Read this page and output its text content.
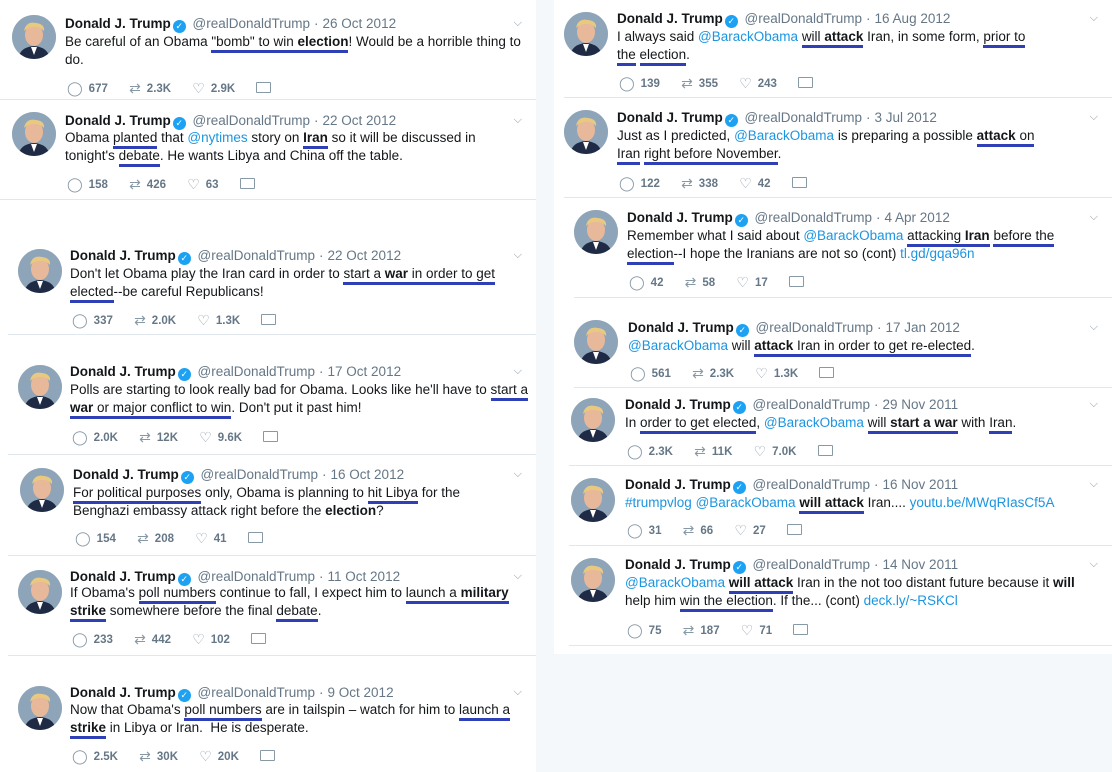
Donald J. Trump ✓ @realDonaldTrump · 26 Oct 2012	⌵
Be careful of an Obama "bomb" to win election! Would be a horrible thing to do.
◯ 677 ⇄ 2.3K ♡ 2.9K
Donald J. Trump ✓ @realDonaldTrump · 22 Oct 2012	⌵
Obama planted that @nytimes story on Iran so it will be discussed in tonight's debate. He wants Libya and China off the table.
◯ 158 ⇄ 426 ♡ 63
Donald J. Trump ✓ @realDonaldTrump · 22 Oct 2012	⌵
Don't let Obama play the Iran card in order to start a war in order to get elected--be careful Republicans!
◯ 337 ⇄ 2.0K ♡ 1.3K
Donald J. Trump ✓ @realDonaldTrump · 17 Oct 2012	⌵
Polls are starting to look really bad for Obama. Looks like he'll have to start a war or major conflict to win. Don't put it past him!
◯ 2.0K ⇄ 12K ♡ 9.6K
Donald J. Trump ✓ @realDonaldTrump · 16 Oct 2012	⌵
For political purposes only, Obama is planning to hit Libya for the Benghazi embassy attack right before the election?
◯ 154 ⇄ 208 ♡ 41
Donald J. Trump ✓ @realDonaldTrump · 11 Oct 2012	⌵
If Obama's poll numbers continue to fall, I expect him to launch a military strike somewhere before the final debate.
◯ 233 ⇄ 442 ♡ 102
Donald J. Trump ✓ @realDonaldTrump · 9 Oct 2012	⌵
Now that Obama's poll numbers are in tailspin – watch for him to launch a strike in Libya or Iran.  He is desperate.
◯ 2.5K ⇄ 30K ♡ 20K
Donald J. Trump ✓ @realDonaldTrump · 16 Aug 2012	⌵
I always said @BarackObama will attack Iran, in some form, prior to the election.
◯ 139 ⇄ 355 ♡ 243
Donald J. Trump ✓ @realDonaldTrump · 3 Jul 2012	⌵
Just as I predicted, @BarackObama is preparing a possible attack on Iran right before November.
◯ 122 ⇄ 338 ♡ 42
Donald J. Trump ✓ @realDonaldTrump · 4 Apr 2012	⌵
Remember what I said about @BarackObama attacking Iran before the election--I hope the Iranians are not so (cont) tl.gd/gqa96n
◯ 42 ⇄ 58 ♡ 17
Donald J. Trump ✓ @realDonaldTrump · 17 Jan 2012	⌵
@BarackObama will attack Iran in order to get re-elected.
◯ 561 ⇄ 2.3K ♡ 1.3K
Donald J. Trump ✓ @realDonaldTrump · 29 Nov 2011	⌵
In order to get elected, @BarackObama will start a war with Iran.
◯ 2.3K ⇄ 11K ♡ 7.0K
Donald J. Trump ✓ @realDonaldTrump · 16 Nov 2011	⌵
#trumpvlog @BarackObama will attack Iran.... youtu.be/MWqRIasCf5A
◯ 31 ⇄ 66 ♡ 27
Donald J. Trump ✓ @realDonaldTrump · 14 Nov 2011	⌵
@BarackObama will attack Iran in the not too distant future because it will help him win the election. If the... (cont) deck.ly/~RSKCl
◯ 75 ⇄ 187 ♡ 71
